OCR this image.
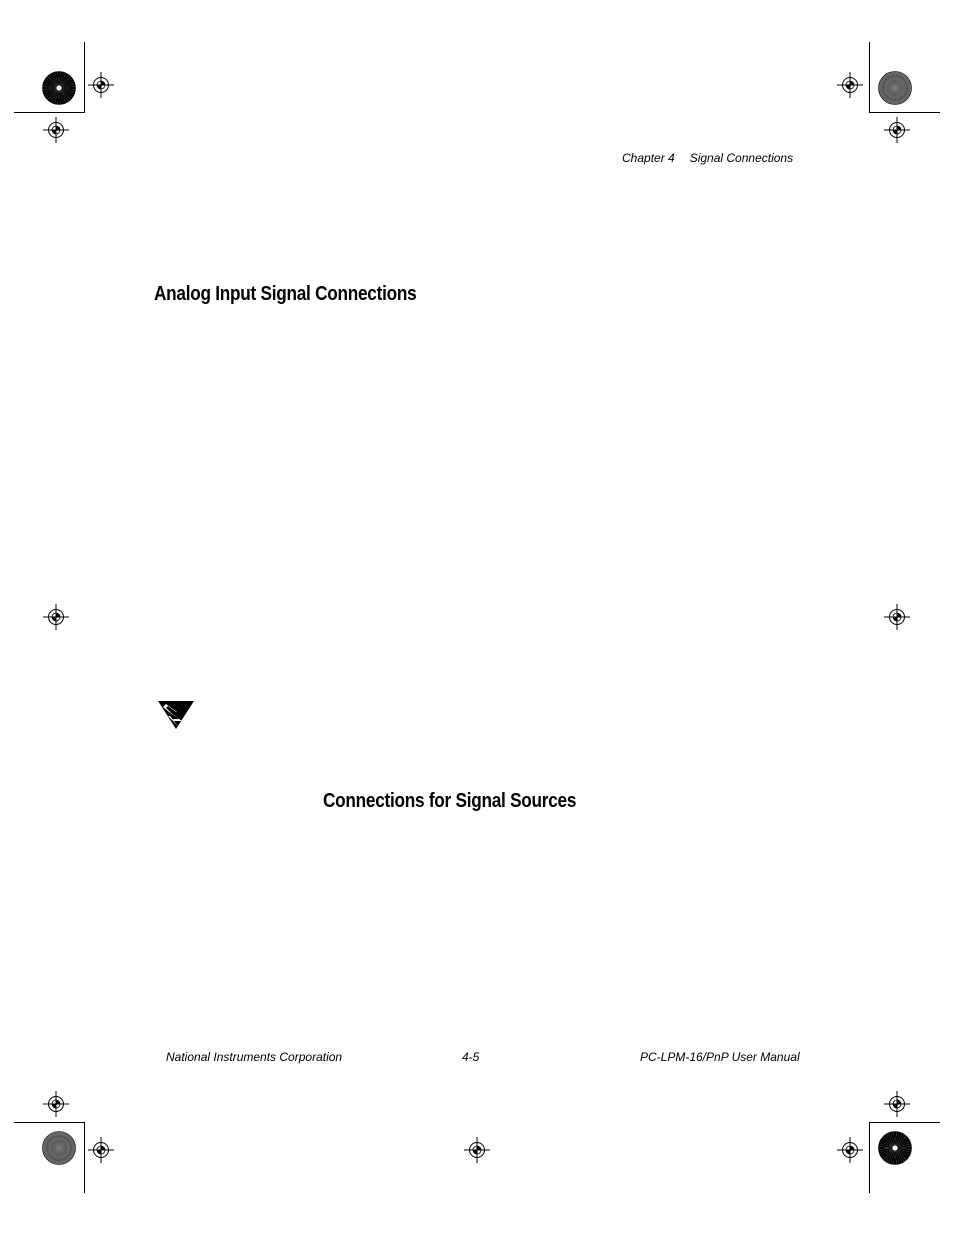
Chapter 4 Signal Connections
Analog Input Signal Connections
Connections for Signal Sources
National Instruments Corporation	4-5	PC-LPM-16/PnP User Manual
